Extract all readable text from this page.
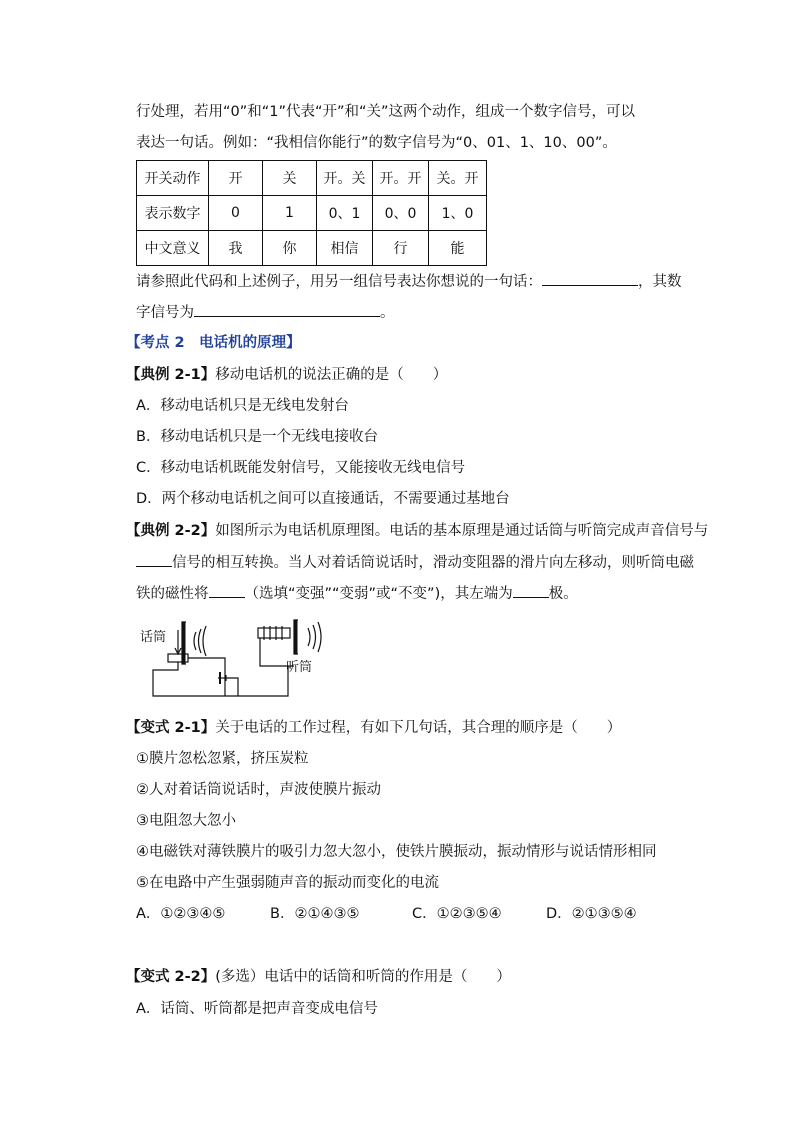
行处理，若用“0”和“1”代表“开”和“关”这两个动作，组成一个数字信号，可以
表达一句话。例如：“我相信你能行”的数字信号为“0、01、1、10、00”。
开关动作	开	关	开。关	开。开	关。开
表示数字	0	1	0、1	0、0	1、0
中文意义	我	你	相信	行	能
请参照此代码和上述例子，用另一组信号表达你想说的一句话：	，其数
字信号为	。
【考点 2　电话机的原理】
【典例 2-1】移动电话机的说法正确的是（　　）
A．移动电话机只是无线电发射台
B．移动电话机只是一个无线电接收台
C．移动电话机既能发射信号，又能接收无线电信号
D．两个移动电话机之间可以直接通话，不需要通过基地台
【典例 2-2】如图所示为电话机原理图。电话的基本原理是通过话筒与听筒完成声音信号与
信号的相互转换。当人对着话筒说话时，滑动变阻器的滑片向左移动，则听筒电磁
铁的磁性将 （选填“变强”“变弱”或“不变”)，其左端为 极。
话筒
听筒
【变式 2-1】关于电话的工作过程，有如下几句话，其合理的顺序是（　　）
①膜片忽松忽紧，挤压炭粒
②人对着话筒说话时，声波使膜片振动
③电阻忽大忽小
④电磁铁对薄铁膜片的吸引力忽大忽小，使铁片膜振动，振动情形与说话情形相同
⑤在电路中产生强弱随声音的振动而变化的电流
A．①②③④⑤	B．②①④③⑤	C．①②③⑤④	D．②①③⑤④
【变式 2-2】(多选）电话中的话筒和听筒的作用是（　　）
A．话筒、听筒都是把声音变成电信号
